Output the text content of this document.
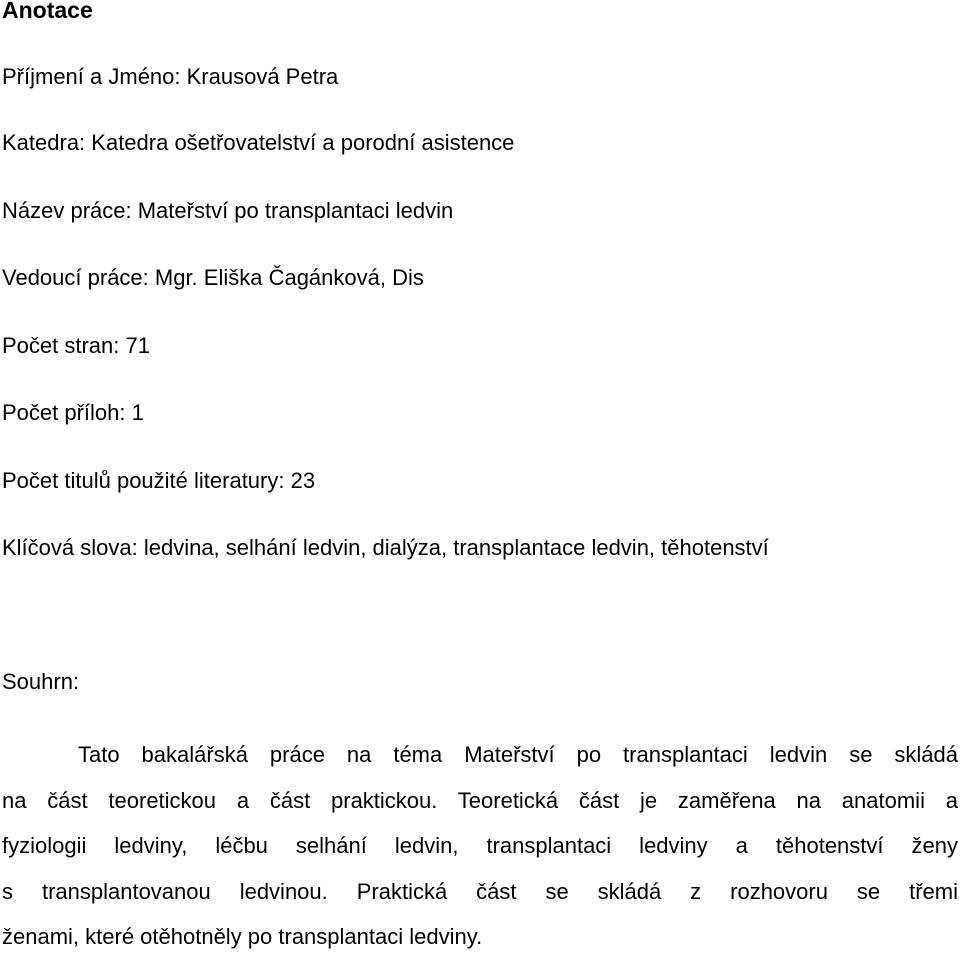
Anotace
Příjmení a Jméno: Krausová Petra
Katedra: Katedra ošetřovatelství a porodní asistence
Název práce: Mateřství po transplantaci ledvin
Vedoucí práce: Mgr. Eliška Čagánková, Dis
Počet stran: 71
Počet příloh: 1
Počet titulů použité literatury: 23
Klíčová slova: ledvina, selhání ledvin, dialýza, transplantace ledvin, těhotenství
Souhrn:
Tato bakalářská práce na téma Mateřství po transplantaci ledvin se skládá
na část teoretickou a část praktickou. Teoretická část je zaměřena na anatomii a
fyziologii ledviny, léčbu selhání ledvin, transplantaci ledviny a těhotenství ženy
s transplantovanou ledvinou. Praktická část se skládá z rozhovoru se třemi
ženami, které otěhotněly po transplantaci ledviny.
